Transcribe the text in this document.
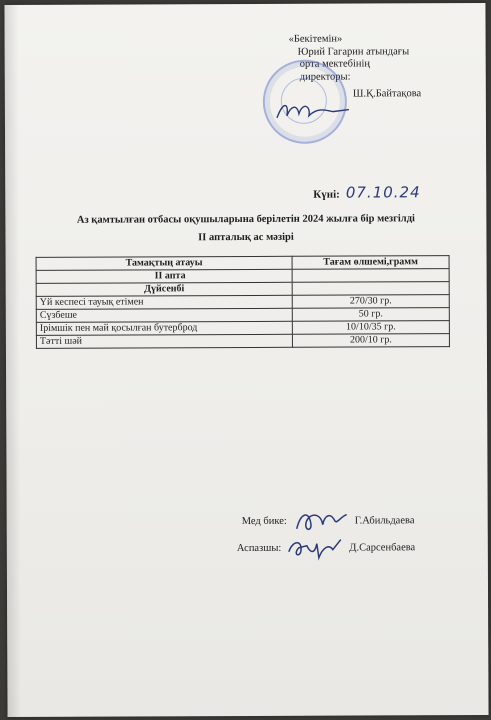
«Бекітемін»
Юрий Гагарин атындағы
орта мектебінің
директоры:
Ш.Қ.Байтақова
Күні: 07.10.24
Аз қамтылған отбасы оқушыларына берілетін 2024 жылға бір мезгілді
II апталық ас мәзірі
Тамақтың атауы	Тағам өлшемі,грамм
II апта	
Дүйсенбі	
Үй кеспесі тауық етімен	270/30 гр.
Сүзбеше	50 гр.
Ірімшік пен май қосылған бутерброд	10/10/35 гр.
Тәтті шәй	200/10 гр.
Мед бике:	Г.Абильдаева
Аспазшы:	Д.Сарсенбаева
